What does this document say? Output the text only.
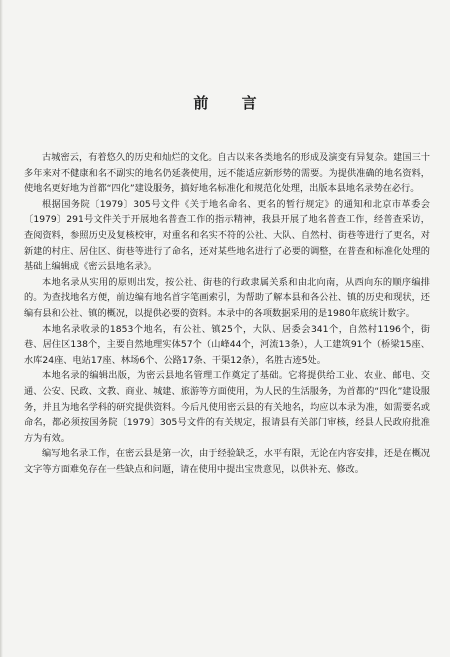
前 言

古城密云，有着悠久的历史和灿烂的文化。自古以来各类地名的形成及演变有异复杂。建国三十多年来对不健康和名不副实的地名仍延袭使用，远不能适应新形势的需要。为提供准确的地名资料，使地名更好地为首都“四化”建设服务，搞好地名标准化和规范化处理，出版本县地名录势在必行。

根据国务院〔1979〕305号文件《关于地名命名、更名的暂行规定》的通知和北京市革委会〔1979〕291号文件关于开展地名普查工作的指示精神，我县开展了地名普查工作，经普查采访，查阅资料，参照历史及复核校审，对重名和名实不符的公社、大队、自然村、街巷等进行了更名，对新建的村庄、居住区、街巷等进行了命名，还对某些地名进行了必要的调整，在普查和标准化处理的基础上编辑成《密云县地名录》。

本地名录从实用的原则出发，按公社、街巷的行政隶属关系和由北向南，从西向东的顺序编排的。为查找地名方便，前边编有地名首字笔画索引，为帮助了解本县和各公社、镇的历史和现状，还编有县和公社、镇的概况，以提供必要的资料。本录中的各项数据采用的是1980年底统计数字。

本地名录收录的1853个地名，有公社、镇25个，大队、居委会341个，自然村1196个，街巷、居住区138个，主要自然地理实体57个（山峰44个，河流13条），人工建筑91个（桥梁15座、水库24座、电站17座、林场6个、公路17条、干渠12条），名胜古迹5处。

本地名录的编辑出版，为密云县地名管理工作奠定了基础。它将提供给工业、农业、邮电、交通、公安、民政、文教、商业、城建、旅游等方面使用，为人民的生活服务，为首都的“四化”建设服务，并且为地名学科的研究提供资料。今后凡使用密云县的有关地名，均应以本录为准，如需要名或命名，都必须按国务院〔1979〕305号文件的有关规定，报请县有关部门审核，经县人民政府批准方为有效。

编写地名录工作，在密云县是第一次，由于经验缺乏，水平有限，无论在内容安排，还是在概况文字等方面难免存在一些缺点和问题，请在使用中提出宝贵意见，以供补充、修改。
